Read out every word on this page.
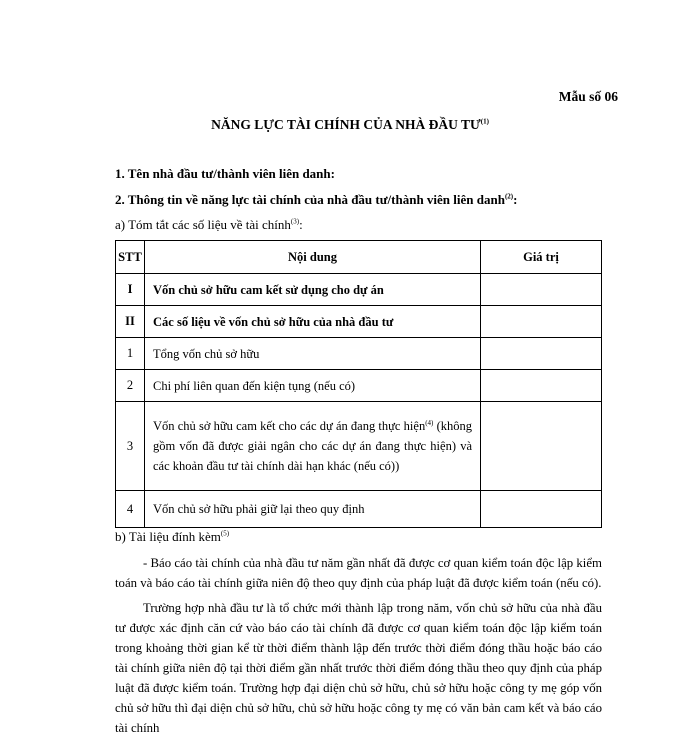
Mẫu số 06
NĂNG LỰC TÀI CHÍNH CỦA NHÀ ĐẦU TƯ$^{(1)}$
1. Tên nhà đầu tư/thành viên liên danh:
2. Thông tin về năng lực tài chính của nhà đầu tư/thành viên liên danh$^{(2)}$:
a) Tóm tắt các số liệu về tài chính$^{(3)}$:
STT	Nội dung	Giá trị
I	Vốn chủ sở hữu cam kết sử dụng cho dự án	
II	Các số liệu về vốn chủ sở hữu của nhà đầu tư	
1	Tổng vốn chủ sở hữu	
2	Chi phí liên quan đến kiện tụng (nếu có)	
3	Vốn chủ sở hữu cam kết cho các dự án đang thực hiện$^{(4)}$ (không gồm vốn đã được giải ngân cho các dự án đang thực hiện) và các khoản đầu tư tài chính dài hạn khác (nếu có))	
4	Vốn chủ sở hữu phải giữ lại theo quy định	
b) Tài liệu đính kèm$^{(5)}$
- Báo cáo tài chính của nhà đầu tư năm gần nhất đã được cơ quan kiểm toán độc lập kiểm toán và báo cáo tài chính giữa niên độ theo quy định của pháp luật đã được kiểm toán (nếu có).
Trường hợp nhà đầu tư là tổ chức mới thành lập trong năm, vốn chủ sở hữu của nhà đầu tư được xác định căn cứ vào báo cáo tài chính đã được cơ quan kiểm toán độc lập kiểm toán trong khoảng thời gian kể từ thời điểm thành lập đến trước thời điểm đóng thầu hoặc báo cáo tài chính giữa niên độ tại thời điểm gần nhất trước thời điểm đóng thầu theo quy định của pháp luật đã được kiểm toán. Trường hợp đại diện chủ sở hữu, chủ sở hữu hoặc công ty mẹ góp vốn chủ sở hữu thì đại diện chủ sở hữu, chủ sở hữu hoặc công ty mẹ có văn bản cam kết và báo cáo tài chính
